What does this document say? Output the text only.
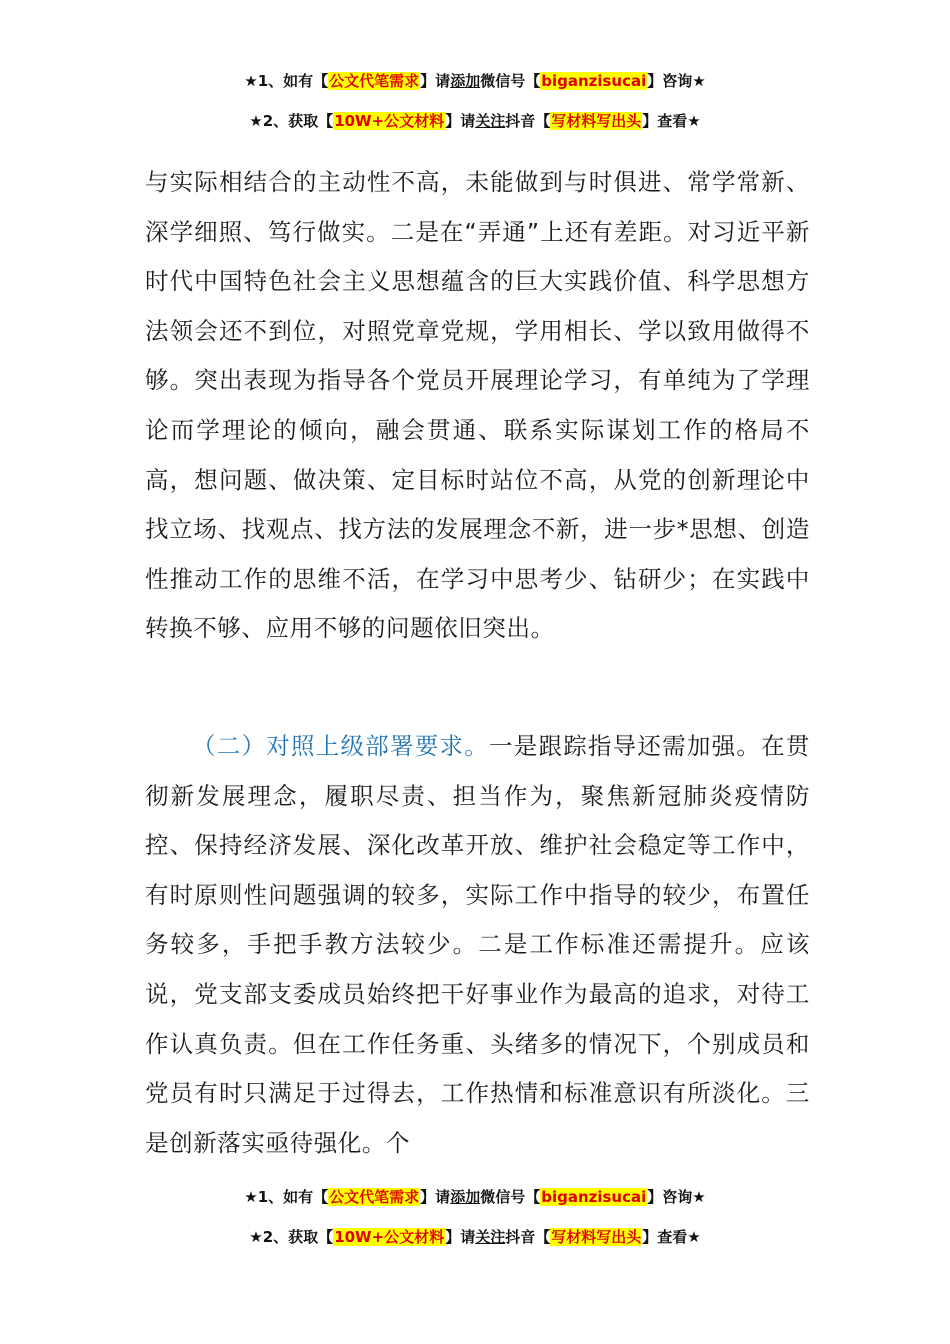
★1、如有【公文代笔需求】请添加微信号【biganzisucai】咨询★
★2、获取【10W+公文材料】请关注抖音【写材料写出头】查看★

与实际相结合的主动性不高，未能做到与时俱进、常学常新、深学细照、笃行做实。二是在“弄通”上还有差距。对习近平新时代中国特色社会主义思想蕴含的巨大实践价值、科学思想方法领会还不到位，对照党章党规，学用相长、学以致用做得不够。突出表现为指导各个党员开展理论学习，有单纯为了学理论而学理论的倾向，融会贯通、联系实际谋划工作的格局不高，想问题、做决策、定目标时站位不高，从党的创新理论中找立场、找观点、找方法的发展理念不新，进一步*思想、创造性推动工作的思维不活，在学习中思考少、钻研少；在实践中转换不够、应用不够的问题依旧突出。

（二）对照上级部署要求。一是跟踪指导还需加强。在贯彻新发展理念，履职尽责、担当作为，聚焦新冠肺炎疫情防控、保持经济发展、深化改革开放、维护社会稳定等工作中，有时原则性问题强调的较多，实际工作中指导的较少，布置任务较多，手把手教方法较少。二是工作标准还需提升。应该说，党支部支委成员始终把干好事业作为最高的追求，对待工作认真负责。但在工作任务重、头绪多的情况下，个别成员和党员有时只满足于过得去，工作热情和标准意识有所淡化。三是创新落实亟待强化。个

★1、如有【公文代笔需求】请添加微信号【biganzisucai】咨询★
★2、获取【10W+公文材料】请关注抖音【写材料写出头】查看★
